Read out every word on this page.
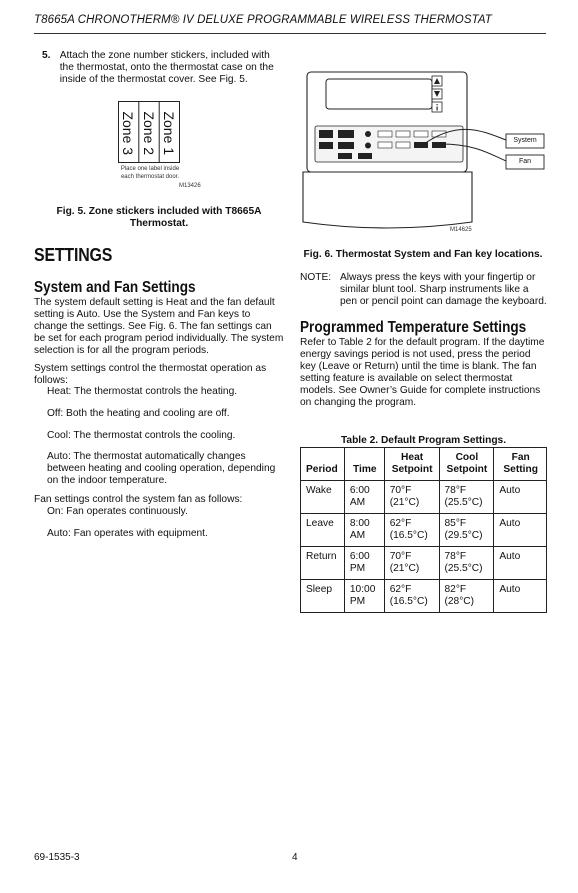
T8665A CHRONOTHERM® IV DELUXE PROGRAMMABLE WIRELESS THERMOSTAT
5. Attach the zone number stickers, included with the thermostat, onto the thermostat case on the inside of the thermostat cover. See Fig. 5.
Zone 1
Zone 2
Zone 3
Place one label inside
each thermostat door.
M13426
Fig. 5. Zone stickers included with T8665A
Thermostat.
System
Fan
M14625
Fig. 6. Thermostat System and Fan key locations.
SETTINGS
System and Fan Settings
The system default setting is Heat and the fan default setting is Auto. Use the System and Fan keys to change the settings. See Fig. 6. The fan settings can be set for each program period individually. The system selection is for all the program periods.
System settings control the thermostat operation as follows:
Heat: The thermostat controls the heating.
Off: Both the heating and cooling are off.
Cool: The thermostat controls the cooling.
Auto: The thermostat automatically changes between heating and cooling operation, depending on the indoor temperature.
Fan settings control the system fan as follows:
On: Fan operates continuously.
Auto: Fan operates with equipment.
NOTE: Always press the keys with your fingertip or similar blunt tool. Sharp instruments like a pen or pencil point can damage the keyboard.
Programmed Temperature Settings
Refer to Table 2 for the default program. If the daytime energy savings period is not used, press the period key (Leave or Return) until the time is blank. The fan setting feature is available on select thermostat models. See Owner’s Guide for complete instructions on changing the program.
Table 2. Default Program Settings.
Period	Time	Heat Setpoint	Cool Setpoint	Fan Setting
Wake	6:00 AM	70°F (21°C)	78°F (25.5°C)	Auto
Leave	8:00 AM	62°F (16.5°C)	85°F (29.5°C)	Auto
Return	6:00 PM	70°F (21°C)	78°F (25.5°C)	Auto
Sleep	10:00 PM	62°F (16.5°C)	82°F (28°C)	Auto
69-1535-3	4
